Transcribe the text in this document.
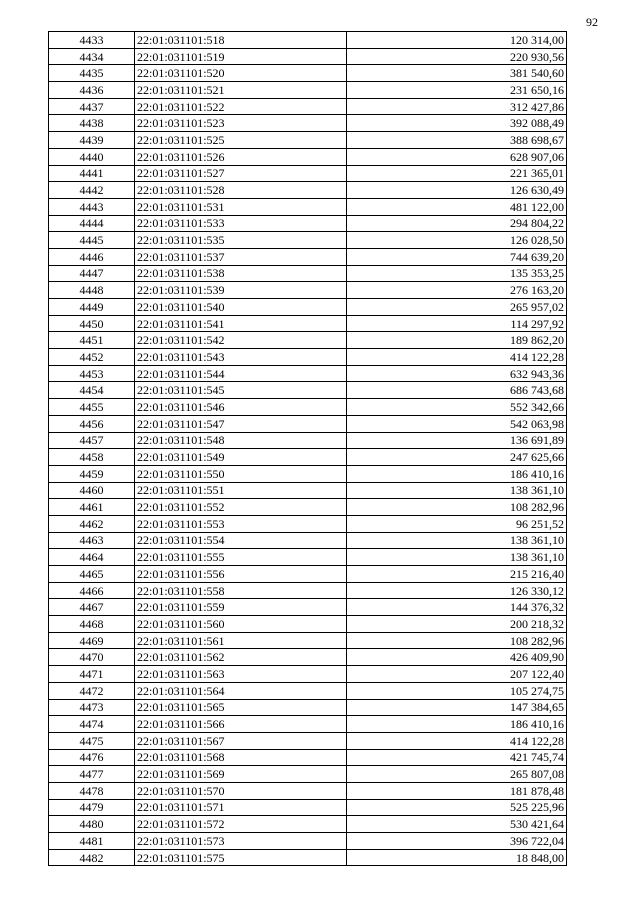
92
4433	22:01:031101:518	120 314,00
4434	22:01:031101:519	220 930,56
4435	22:01:031101:520	381 540,60
4436	22:01:031101:521	231 650,16
4437	22:01:031101:522	312 427,86
4438	22:01:031101:523	392 088,49
4439	22:01:031101:525	388 698,67
4440	22:01:031101:526	628 907,06
4441	22:01:031101:527	221 365,01
4442	22:01:031101:528	126 630,49
4443	22:01:031101:531	481 122,00
4444	22:01:031101:533	294 804,22
4445	22:01:031101:535	126 028,50
4446	22:01:031101:537	744 639,20
4447	22:01:031101:538	135 353,25
4448	22:01:031101:539	276 163,20
4449	22:01:031101:540	265 957,02
4450	22:01:031101:541	114 297,92
4451	22:01:031101:542	189 862,20
4452	22:01:031101:543	414 122,28
4453	22:01:031101:544	632 943,36
4454	22:01:031101:545	686 743,68
4455	22:01:031101:546	552 342,66
4456	22:01:031101:547	542 063,98
4457	22:01:031101:548	136 691,89
4458	22:01:031101:549	247 625,66
4459	22:01:031101:550	186 410,16
4460	22:01:031101:551	138 361,10
4461	22:01:031101:552	108 282,96
4462	22:01:031101:553	96 251,52
4463	22:01:031101:554	138 361,10
4464	22:01:031101:555	138 361,10
4465	22:01:031101:556	215 216,40
4466	22:01:031101:558	126 330,12
4467	22:01:031101:559	144 376,32
4468	22:01:031101:560	200 218,32
4469	22:01:031101:561	108 282,96
4470	22:01:031101:562	426 409,90
4471	22:01:031101:563	207 122,40
4472	22:01:031101:564	105 274,75
4473	22:01:031101:565	147 384,65
4474	22:01:031101:566	186 410,16
4475	22:01:031101:567	414 122,28
4476	22:01:031101:568	421 745,74
4477	22:01:031101:569	265 807,08
4478	22:01:031101:570	181 878,48
4479	22:01:031101:571	525 225,96
4480	22:01:031101:572	530 421,64
4481	22:01:031101:573	396 722,04
4482	22:01:031101:575	18 848,00
